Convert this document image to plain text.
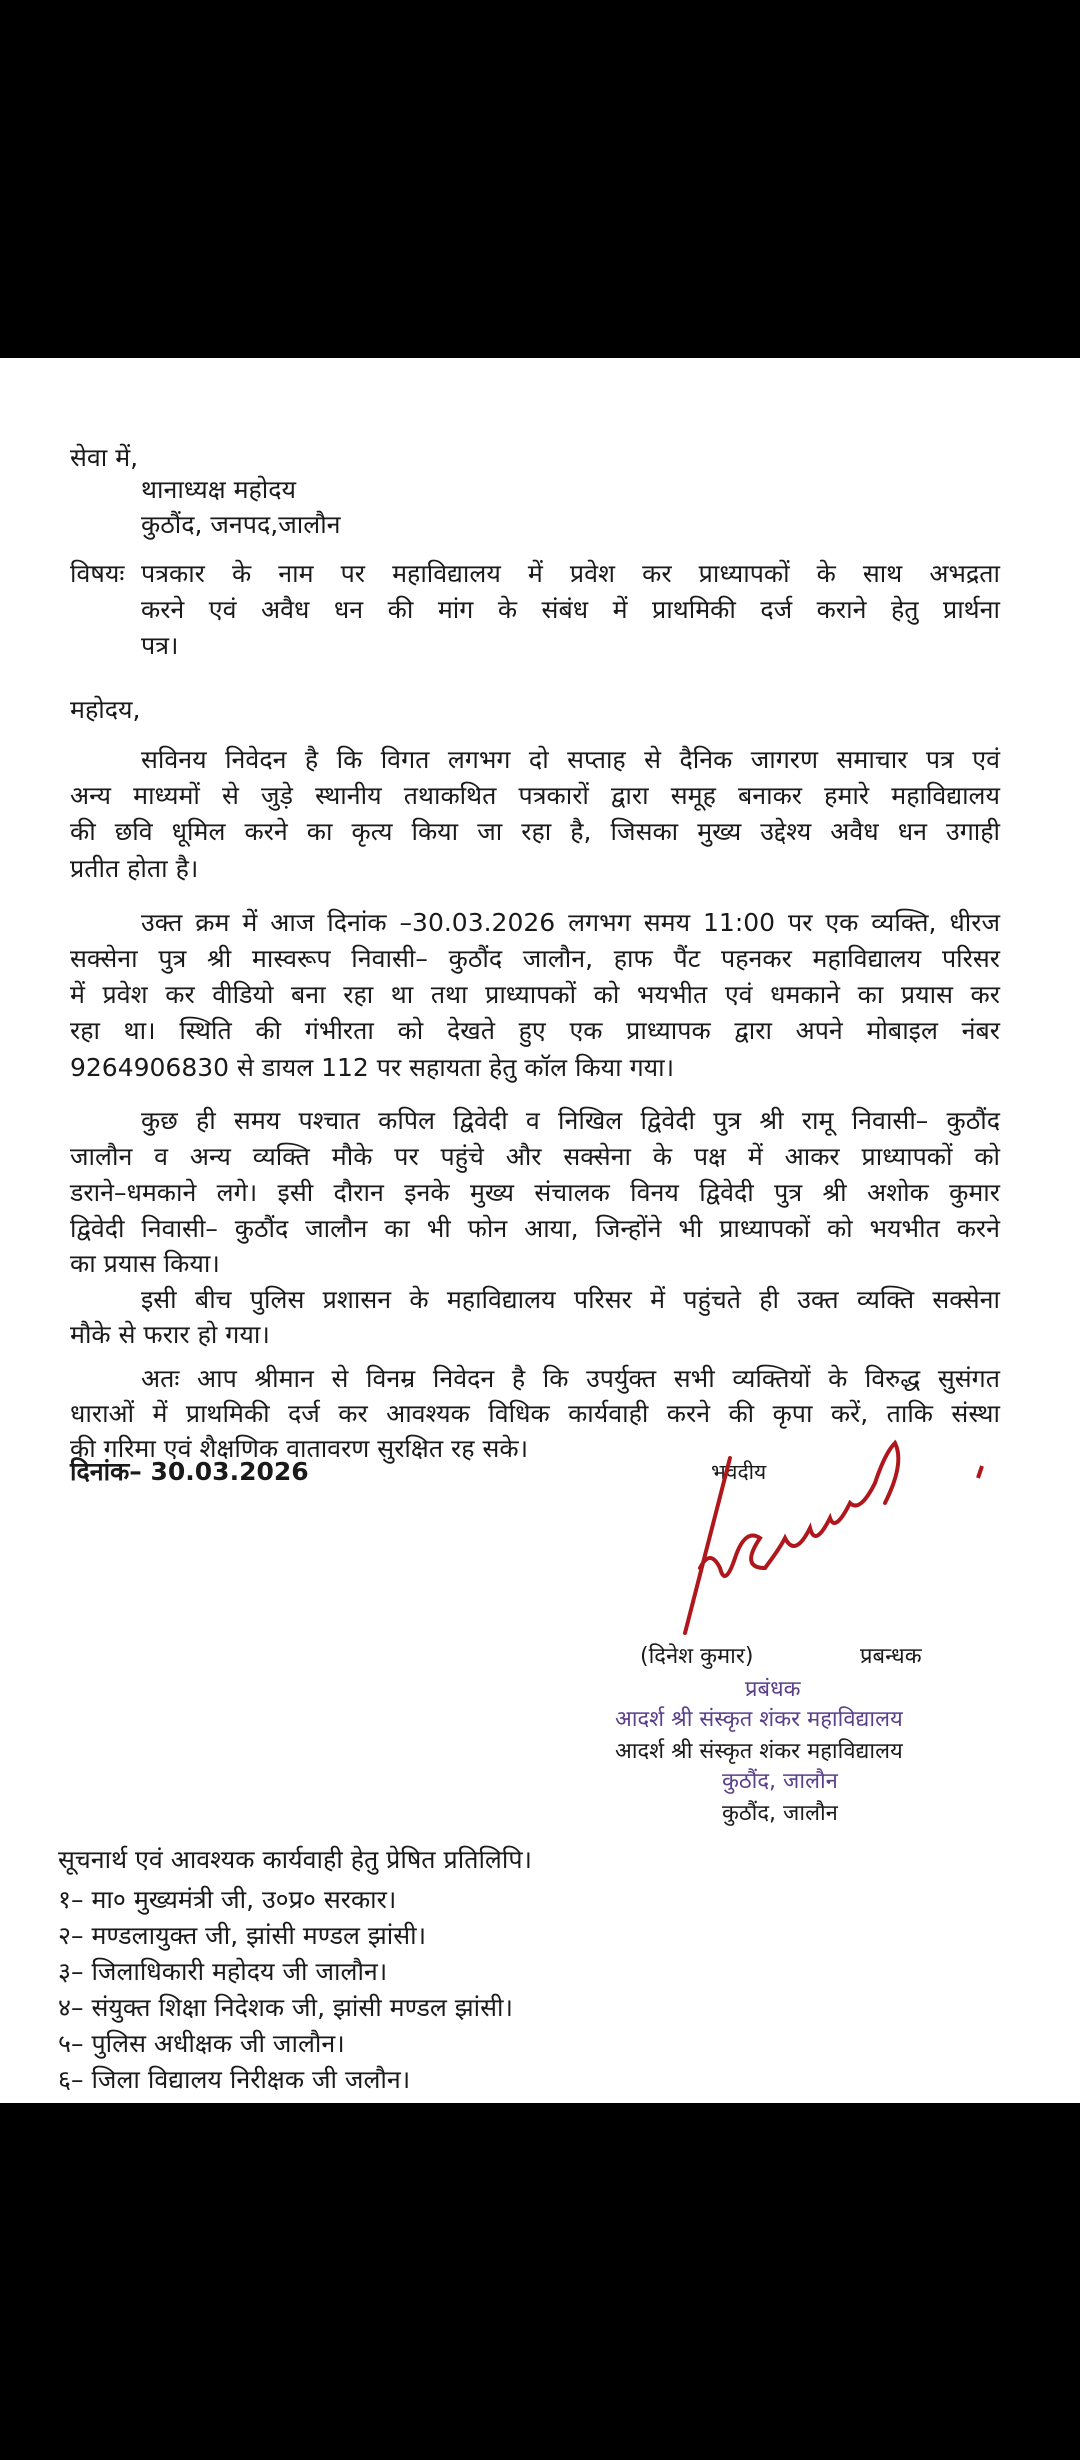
सेवा में,
थानाध्यक्ष महोदय
कुठौंद, जनपद,जालौन
विषयः पत्रकार के नाम पर महाविद्यालय में प्रवेश कर प्राध्यापकों के साथ अभद्रता
करने एवं अवैध धन की मांग के संबंध में प्राथमिकी दर्ज कराने हेतु प्रार्थना
पत्र।
महोदय,
सविनय निवेदन है कि विगत लगभग दो सप्ताह से दैनिक जागरण समाचार पत्र एवं
अन्य माध्यमों से जुड़े स्थानीय तथाकथित पत्रकारों द्वारा समूह बनाकर हमारे महाविद्यालय
की छवि धूमिल करने का कृत्य किया जा रहा है, जिसका मुख्य उद्देश्य अवैध धन उगाही
प्रतीत होता है।
उक्त क्रम में आज दिनांक –30.03.2026 लगभग समय 11:00 पर एक व्यक्ति, धीरज
सक्सेना पुत्र श्री मास्वरूप निवासी– कुठौंद जालौन, हाफ पैंट पहनकर महाविद्यालय परिसर
में प्रवेश कर वीडियो बना रहा था तथा प्राध्यापकों को भयभीत एवं धमकाने का प्रयास कर
रहा था। स्थिति की गंभीरता को देखते हुए एक प्राध्यापक द्वारा अपने मोबाइल नंबर
9264906830 से डायल 112 पर सहायता हेतु कॉल किया गया।
कुछ ही समय पश्चात कपिल द्विवेदी व निखिल द्विवेदी पुत्र श्री रामू निवासी– कुठौंद
जालौन व अन्य व्यक्ति मौके पर पहुंचे और सक्सेना के पक्ष में आकर प्राध्यापकों को
डराने–धमकाने लगे। इसी दौरान इनके मुख्य संचालक विनय द्विवेदी पुत्र श्री अशोक कुमार
द्विवेदी निवासी– कुठौंद जालौन का भी फोन आया, जिन्होंने भी प्राध्यापकों को भयभीत करने
का प्रयास किया।
इसी बीच पुलिस प्रशासन के महाविद्यालय परिसर में पहुंचते ही उक्त व्यक्ति सक्सेना
मौके से फरार हो गया।
अतः आप श्रीमान से विनम्र निवेदन है कि उपर्युक्त सभी व्यक्तियों के विरुद्ध सुसंगत
धाराओं में प्राथमिकी दर्ज कर आवश्यक विधिक कार्यवाही करने की कृपा करें, ताकि संस्था
की गरिमा एवं शैक्षणिक वातावरण सुरक्षित रह सके।
दिनांक– 30.03.2026	भवदीय
(दिनेश कुमार)	प्रबन्धक
प्रबंधक
आदर्श श्री संस्कृत शंकर महाविद्यालय
आदर्श श्री संस्कृत शंकर महाविद्यालय
कुठौंद, जालौन
कुठौंद, जालौन
सूचनार्थ एवं आवश्यक कार्यवाही हेतु प्रेषित प्रतिलिपि।
१– मा० मुख्यमंत्री जी, उ०प्र० सरकार।
२– मण्डलायुक्त जी, झांसी मण्डल झांसी।
३– जिलाधिकारी महोदय जी जालौन।
४– संयुक्त शिक्षा निदेशक जी, झांसी मण्डल झांसी।
५– पुलिस अधीक्षक जी जालौन।
६– जिला विद्यालय निरीक्षक जी जलौन।
